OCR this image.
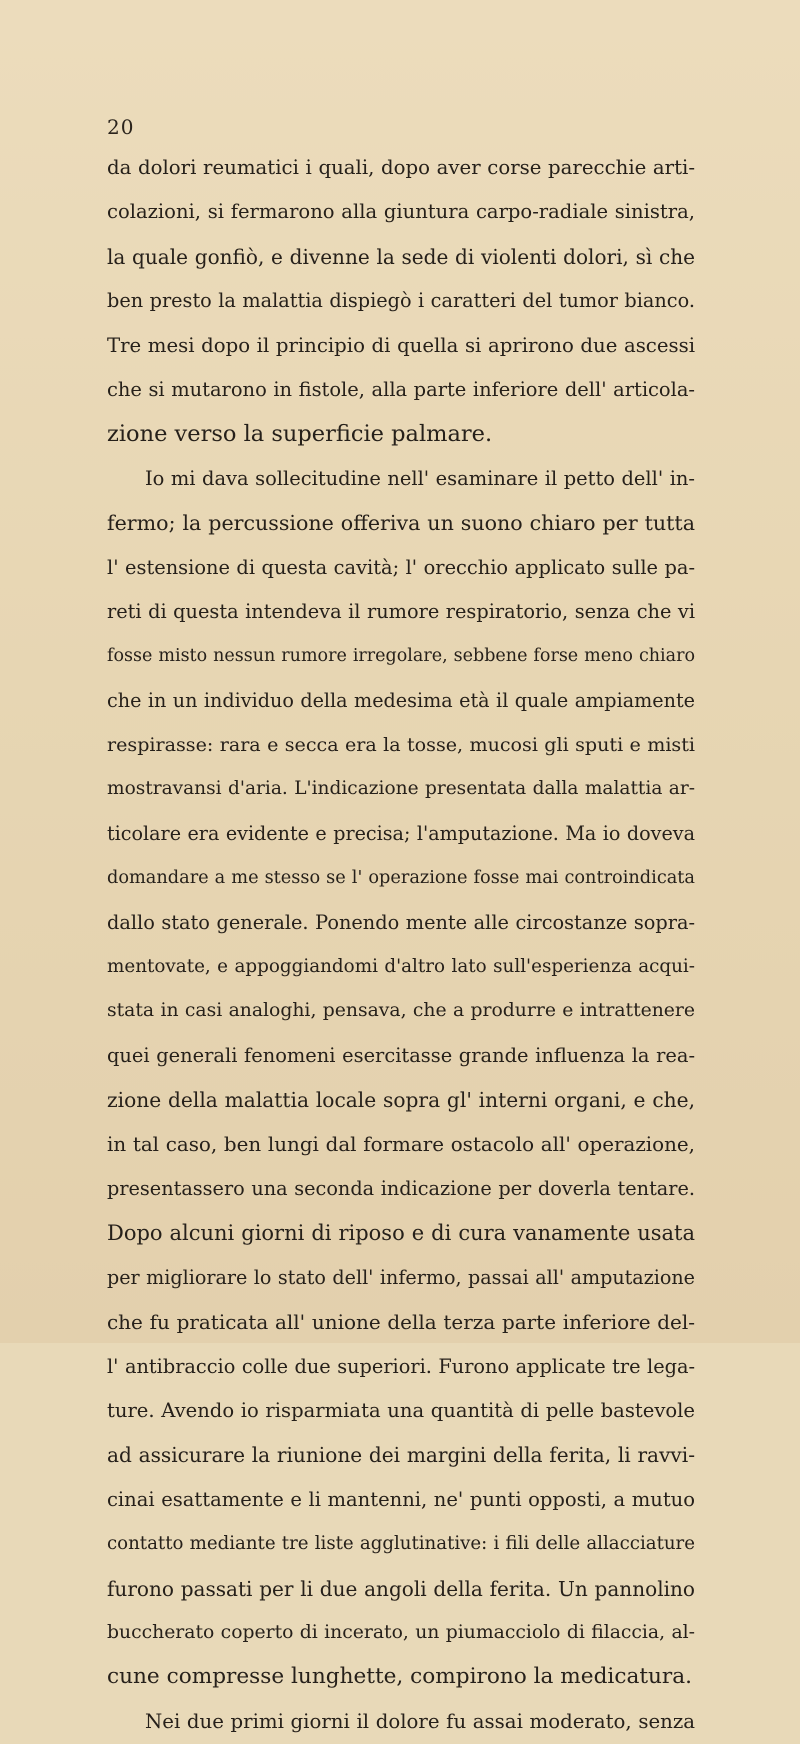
20
da dolori reumatici i quali, dopo aver corse parecchie arti-
colazioni, si fermarono alla giuntura carpo-radiale sinistra,
la quale gonfiò, e divenne la sede di violenti dolori, sì che
ben presto la malattia dispiegò i caratteri del tumor bianco.
Tre mesi dopo il principio di quella si aprirono due ascessi
che si mutarono in fistole, alla parte inferiore dell' articola-
zione verso la superficie palmare.
Io mi dava sollecitudine nell' esaminare il petto dell' in-
fermo; la percussione offeriva un suono chiaro per tutta
l' estensione di questa cavità; l' orecchio applicato sulle pa-
reti di questa intendeva il rumore respiratorio, senza che vi
fosse misto nessun rumore irregolare, sebbene forse meno chiaro
che in un individuo della medesima età il quale ampiamente
respirasse: rara e secca era la tosse, mucosi gli sputi e misti
mostravansi d'aria. L'indicazione presentata dalla malattia ar-
ticolare era evidente e precisa; l'amputazione. Ma io doveva
domandare a me stesso se l' operazione fosse mai controindicata
dallo stato generale. Ponendo mente alle circostanze sopra-
mentovate, e appoggiandomi d'altro lato sull'esperienza acqui-
stata in casi analoghi, pensava, che a produrre e intrattenere
quei generali fenomeni esercitasse grande influenza la rea-
zione della malattia locale sopra gl' interni organi, e che,
in tal caso, ben lungi dal formare ostacolo all' operazione,
presentassero una seconda indicazione per doverla tentare.
Dopo alcuni giorni di riposo e di cura vanamente usata
per migliorare lo stato dell' infermo, passai all' amputazione
che fu praticata all' unione della terza parte inferiore del-
l' antibraccio colle due superiori. Furono applicate tre lega-
ture. Avendo io risparmiata una quantità di pelle bastevole
ad assicurare la riunione dei margini della ferita, li ravvi-
cinai esattamente e li mantenni, ne' punti opposti, a mutuo
contatto mediante tre liste agglutinative: i fili delle allacciature
furono passati per li due angoli della ferita. Un pannolino
buccherato coperto di incerato, un piumacciolo di filaccia, al-
cune compresse lunghette, compirono la medicatura.
Nei due primi giorni il dolore fu assai moderato, senza
